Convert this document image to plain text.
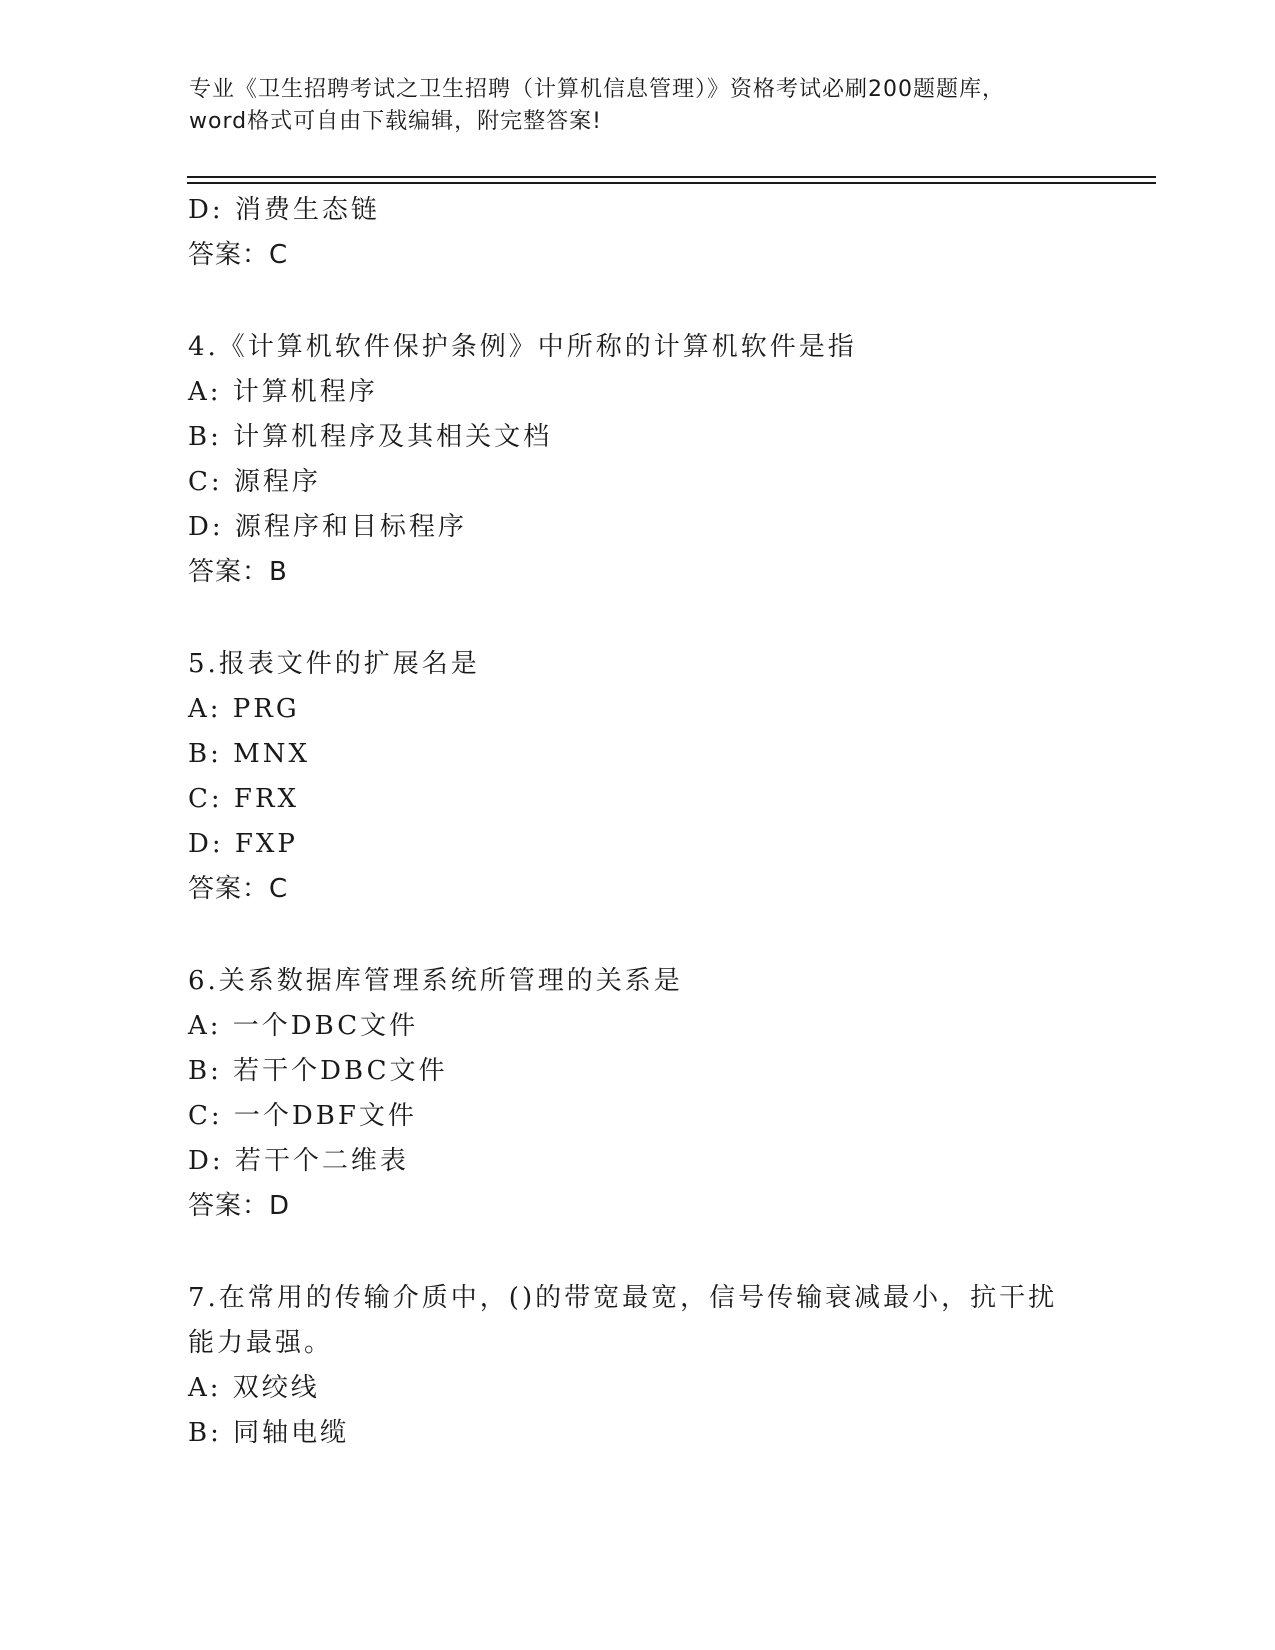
专业《卫生招聘考试之卫生招聘（计算机信息管理）》资格考试必刷200题题库，
word格式可自由下载编辑，附完整答案!
D: 消费生态链
答案：C
4.《计算机软件保护条例》中所称的计算机软件是指
A: 计算机程序
B: 计算机程序及其相关文档
C: 源程序
D: 源程序和目标程序
答案：B
5.报表文件的扩展名是
A: PRG
B: MNX
C: FRX
D: FXP
答案：C
6.关系数据库管理系统所管理的关系是
A: 一个DBC文件
B: 若干个DBC文件
C: 一个DBF文件
D: 若干个二维表
答案：D
7.在常用的传输介质中，()的带宽最宽，信号传输衰减最小，抗干扰
能力最强。
A: 双绞线
B: 同轴电缆
